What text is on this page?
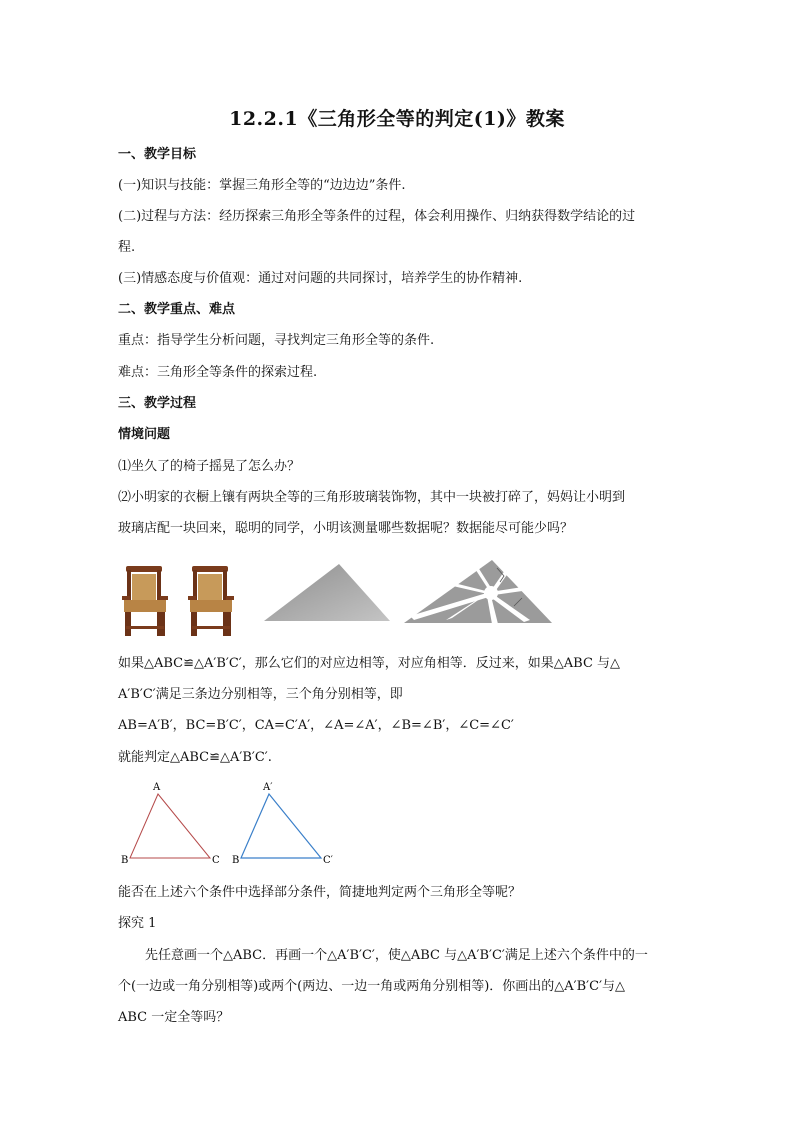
12.2.1《三角形全等的判定(1)》教案
一、教学目标
(一)知识与技能：掌握三角形全等的“边边边”条件.
(二)过程与方法：经历探索三角形全等条件的过程，体会利用操作、归纳获得数学结论的过
程.
(三)情感态度与价值观：通过对问题的共同探讨，培养学生的协作精神.
二、教学重点、难点
重点：指导学生分析问题，寻找判定三角形全等的条件.
难点：三角形全等条件的探索过程.
三、教学过程
情境问题
⑴坐久了的椅子摇晃了怎么办？
⑵小明家的衣橱上镶有两块全等的三角形玻璃装饰物，其中一块被打碎了，妈妈让小明到
玻璃店配一块回来，聪明的同学，小明该测量哪些数据呢？数据能尽可能少吗？
如果△ABC≌△A′B′C′，那么它们的对应边相等，对应角相等．反过来，如果△ABC 与△
A′B′C′满足三条边分别相等，三个角分别相等，即
AB=A′B′，BC=B′C′，CA=C′A′，∠A=∠A′，∠B=∠B′，∠C=∠C′
就能判定△ABC≌△A′B′C′.
A
B	C
A′
B	C′
能否在上述六个条件中选择部分条件，简捷地判定两个三角形全等呢？
探究 1
先任意画一个△ABC．再画一个△A′B′C′，使△ABC 与△A′B′C′满足上述六个条件中的一
个(一边或一角分别相等)或两个(两边、一边一角或两角分别相等)．你画出的△A′B′C′与△
ABC 一定全等吗？
